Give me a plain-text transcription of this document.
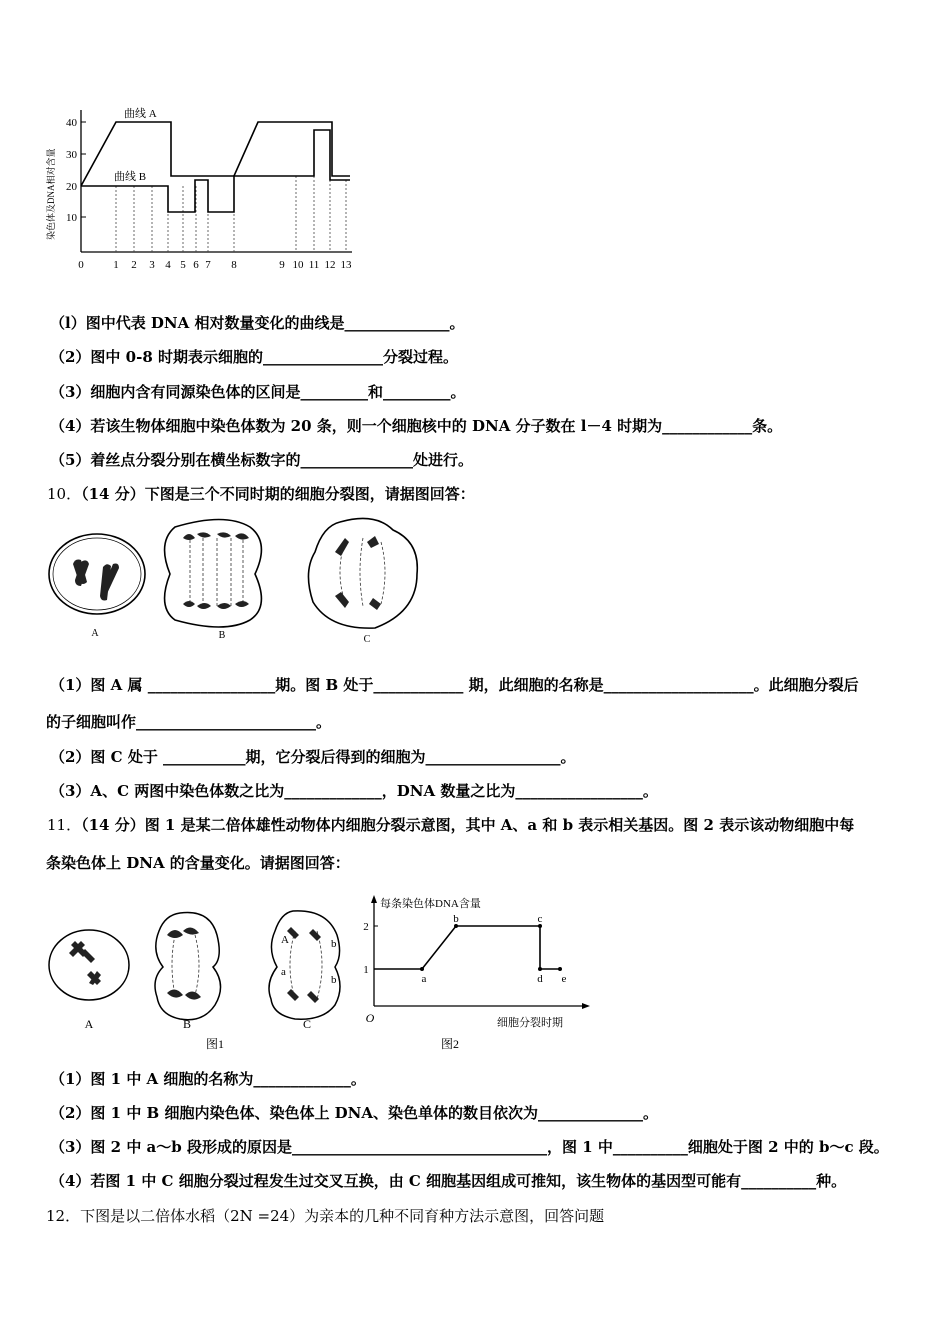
10
20
30
40
染色体及DNA相对含量
曲线 A
曲线 B
0	1 2 3 4 5 6 7 8	9 10 11 12 13
（l）图中代表 DNA 相对数量变化的曲线是______________。
（2）图中 0-8 时期表示细胞的________________分裂过程。
（3）细胞内含有同源染色体的区间是_________和_________。
（4）若该生物体细胞中染色体数为 20 条，则一个细胞核中的 DNA 分子数在 l－4 时期为____________条。
（5）着丝点分裂分别在横坐标数字的_______________处进行。
10．（14 分）下图是三个不同时期的细胞分裂图，请据图回答：
A	B	C
（1）图 A 属 _________________期。图 B 处于____________ 期，此细胞的名称是____________________。此细胞分裂后
的子细胞叫作________________________。
（2）图 C 处于 ___________期，它分裂后得到的细胞为__________________。
（3）A、C 两图中染色体数之比为_____________，DNA 数量之比为_________________。
11．（14 分）图 1 是某二倍体雄性动物体内细胞分裂示意图，其中 A、a 和 b 表示相关基因。图 2 表示该动物细胞中每
条染色体上 DNA 的含量变化。请据图回答：
A	B
A
a
b
b
C
图1
每条染色体DNA含量
2
1
a
b	c
d e
O	细胞分裂时期
图2
（1）图 1 中 A 细胞的名称为_____________。
（2）图 1 中 B 细胞内染色体、染色体上 DNA、染色单体的数目依次为______________。
（3）图 2 中 a～b 段形成的原因是__________________________________，图 1 中__________细胞处于图 2 中的 b～c 段。
（4）若图 1 中 C 细胞分裂过程发生过交叉互换，由 C 细胞基因组成可推知，该生物体的基因型可能有__________种。
12．下图是以二倍体水稻（2N =24）为亲本的几种不同育种方法示意图，回答问题
